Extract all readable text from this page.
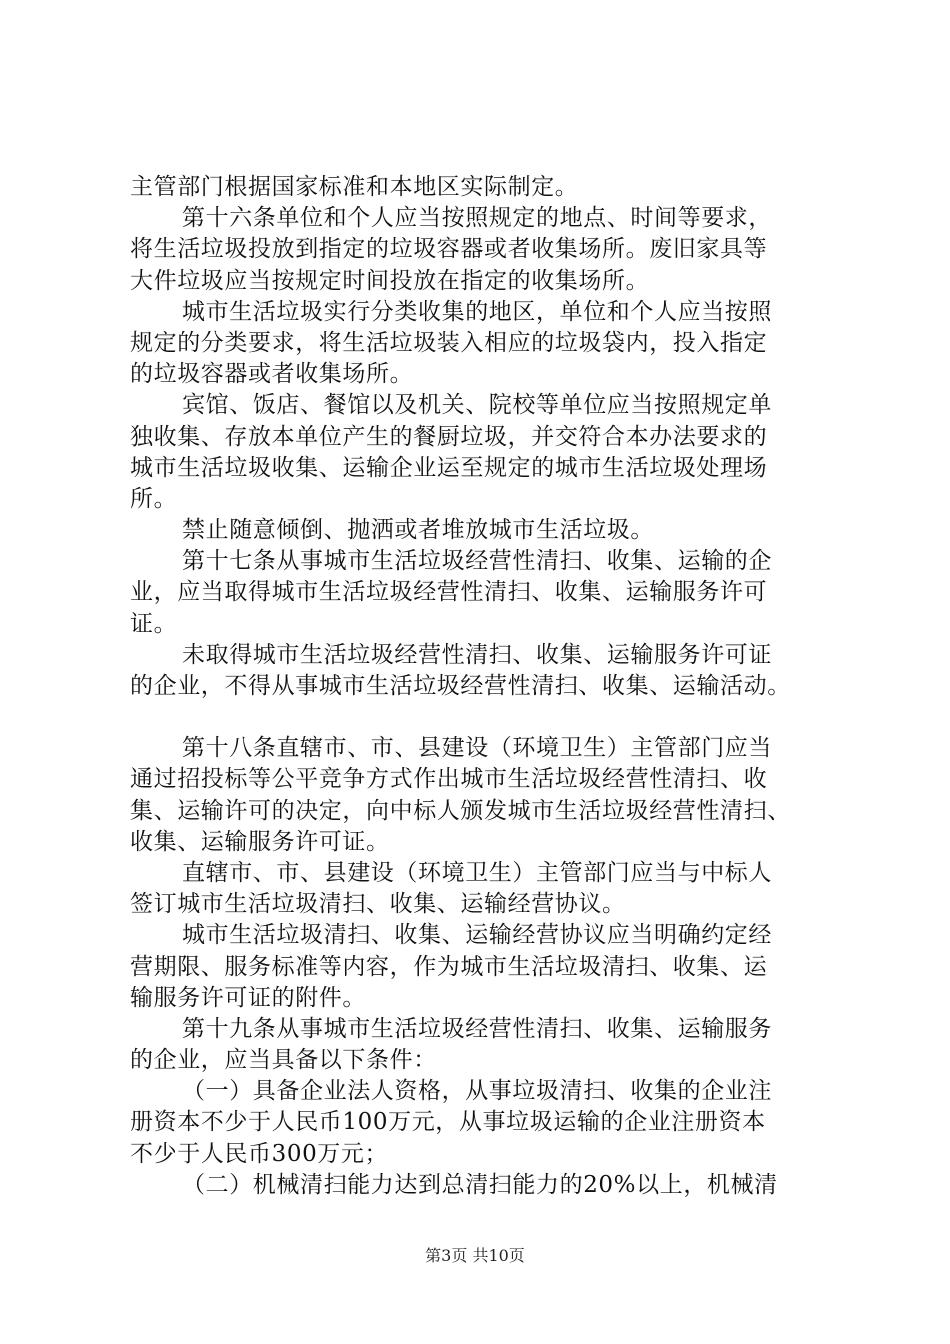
主管部门根据国家标准和本地区实际制定。
第十六条单位和个人应当按照规定的地点、时间等要求，
将生活垃圾投放到指定的垃圾容器或者收集场所。废旧家具等
大件垃圾应当按规定时间投放在指定的收集场所。
城市生活垃圾实行分类收集的地区，单位和个人应当按照
规定的分类要求，将生活垃圾装入相应的垃圾袋内，投入指定
的垃圾容器或者收集场所。
宾馆、饭店、餐馆以及机关、院校等单位应当按照规定单
独收集、存放本单位产生的餐厨垃圾，并交符合本办法要求的
城市生活垃圾收集、运输企业运至规定的城市生活垃圾处理场
所。
禁止随意倾倒、抛洒或者堆放城市生活垃圾。
第十七条从事城市生活垃圾经营性清扫、收集、运输的企
业，应当取得城市生活垃圾经营性清扫、收集、运输服务许可
证。
未取得城市生活垃圾经营性清扫、收集、运输服务许可证
的企业，不得从事城市生活垃圾经营性清扫、收集、运输活动。
第十八条直辖市、市、县建设（环境卫生）主管部门应当
通过招投标等公平竞争方式作出城市生活垃圾经营性清扫、收
集、运输许可的决定，向中标人颁发城市生活垃圾经营性清扫、
收集、运输服务许可证。
直辖市、市、县建设（环境卫生）主管部门应当与中标人
签订城市生活垃圾清扫、收集、运输经营协议。
城市生活垃圾清扫、收集、运输经营协议应当明确约定经
营期限、服务标准等内容，作为城市生活垃圾清扫、收集、运
输服务许可证的附件。
第十九条从事城市生活垃圾经营性清扫、收集、运输服务
的企业，应当具备以下条件：
（一）具备企业法人资格，从事垃圾清扫、收集的企业注
册资本不少于人民币100万元，从事垃圾运输的企业注册资本
不少于人民币300万元；
（二）机械清扫能力达到总清扫能力的20%以上，机械清
第3页 共10页
